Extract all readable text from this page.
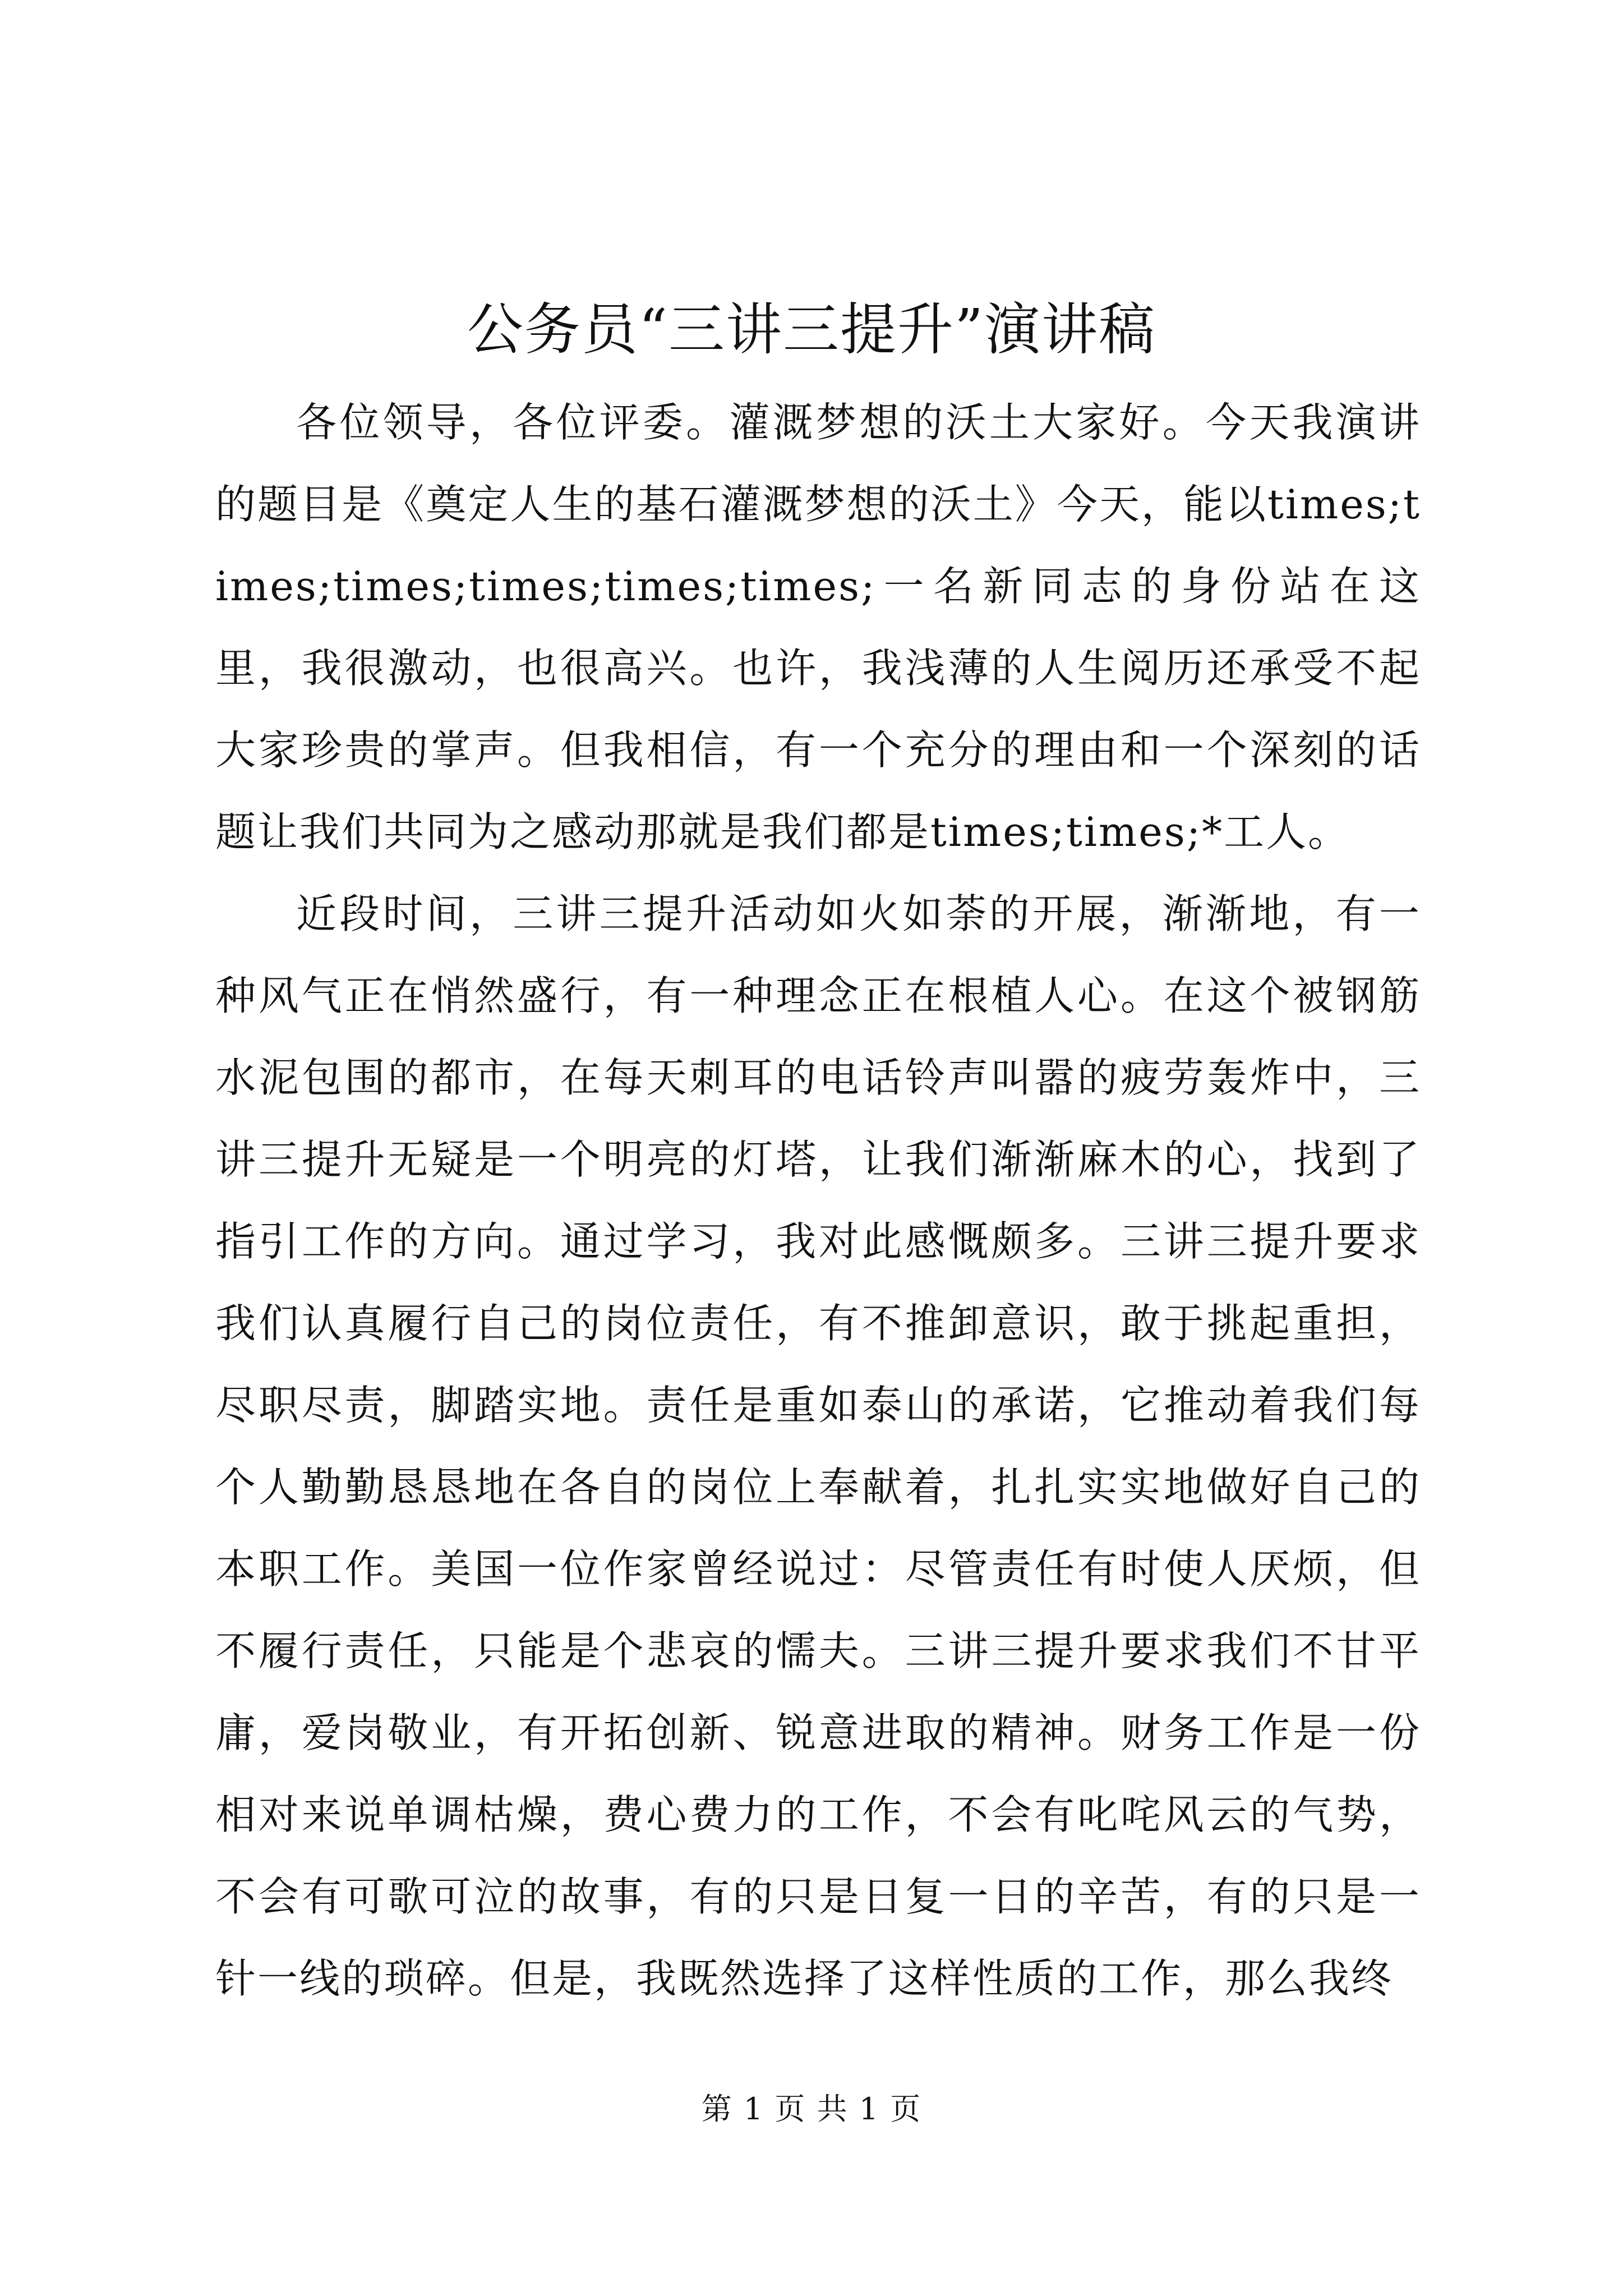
公务员“三讲三提升”演讲稿

各位领导，各位评委。灌溉梦想的沃土大家好。今天我演讲的题目是《奠定人生的基石灌溉梦想的沃土》今天，能以times;times;times;times;times;times;一名新同志的身份站在这里，我很激动，也很高兴。也许，我浅薄的人生阅历还承受不起大家珍贵的掌声。但我相信，有一个充分的理由和一个深刻的话题让我们共同为之感动那就是我们都是times;times;*工人。

近段时间，三讲三提升活动如火如荼的开展，渐渐地，有一种风气正在悄然盛行，有一种理念正在根植人心。在这个被钢筋水泥包围的都市，在每天刺耳的电话铃声叫嚣的疲劳轰炸中，三讲三提升无疑是一个明亮的灯塔，让我们渐渐麻木的心，找到了指引工作的方向。通过学习，我对此感慨颇多。三讲三提升要求我们认真履行自己的岗位责任，有不推卸意识，敢于挑起重担，尽职尽责，脚踏实地。责任是重如泰山的承诺，它推动着我们每个人勤勤恳恳地在各自的岗位上奉献着，扎扎实实地做好自己的本职工作。美国一位作家曾经说过：尽管责任有时使人厌烦，但不履行责任，只能是个悲哀的懦夫。三讲三提升要求我们不甘平庸，爱岗敬业，有开拓创新、锐意进取的精神。财务工作是一份相对来说单调枯燥，费心费力的工作，不会有叱咤风云的气势，不会有可歌可泣的故事，有的只是日复一日的辛苦，有的只是一针一线的琐碎。但是，我既然选择了这样性质的工作，那么我终

第 1 页 共 1 页
